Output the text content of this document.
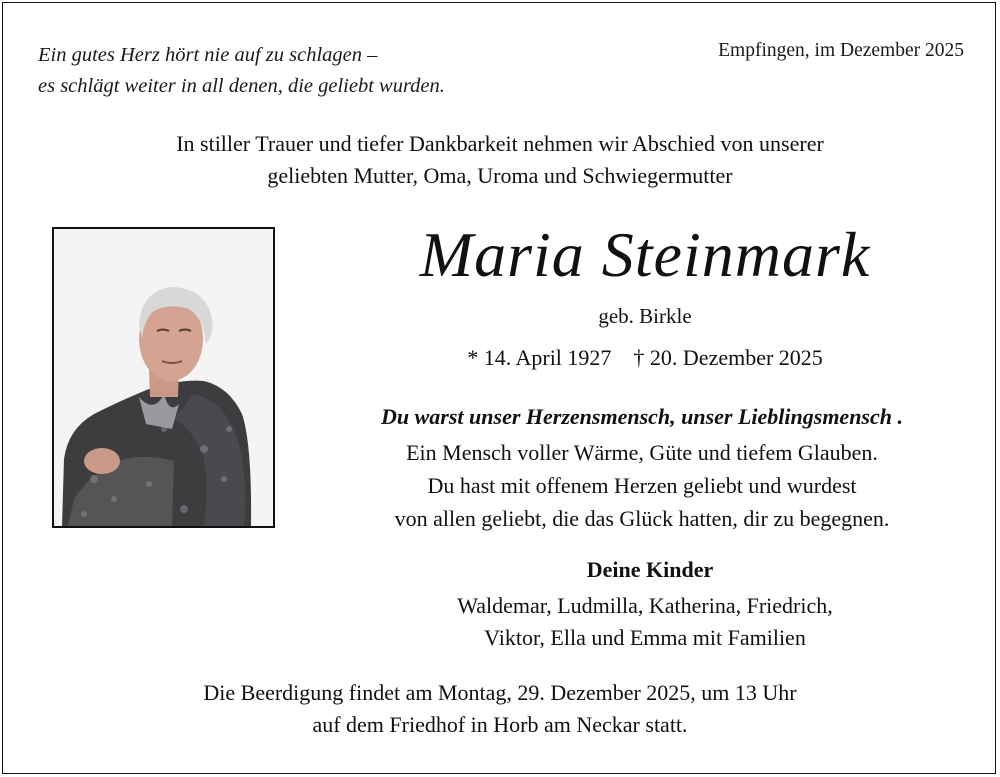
Ein gutes Herz hört nie auf zu schlagen –
es schlägt weiter in all denen, die geliebt wurden.
Empfingen, im Dezember 2025
In stiller Trauer und tiefer Dankbarkeit nehmen wir Abschied von unserer
geliebten Mutter, Oma, Uroma und Schwiegermutter
Maria Steinmark
geb. Birkle
* 14. April 1927 † 20. Dezember 2025
Du warst unser Herzensmensch, unser Lieblingsmensch .
Ein Mensch voller Wärme, Güte und tiefem Glauben.
Du hast mit offenem Herzen geliebt und wurdest
von allen geliebt, die das Glück hatten, dir zu begegnen.
Deine Kinder
Waldemar, Ludmilla, Katherina, Friedrich,
Viktor, Ella und Emma mit Familien
Die Beerdigung findet am Montag, 29. Dezember 2025, um 13 Uhr
auf dem Friedhof in Horb am Neckar statt.
